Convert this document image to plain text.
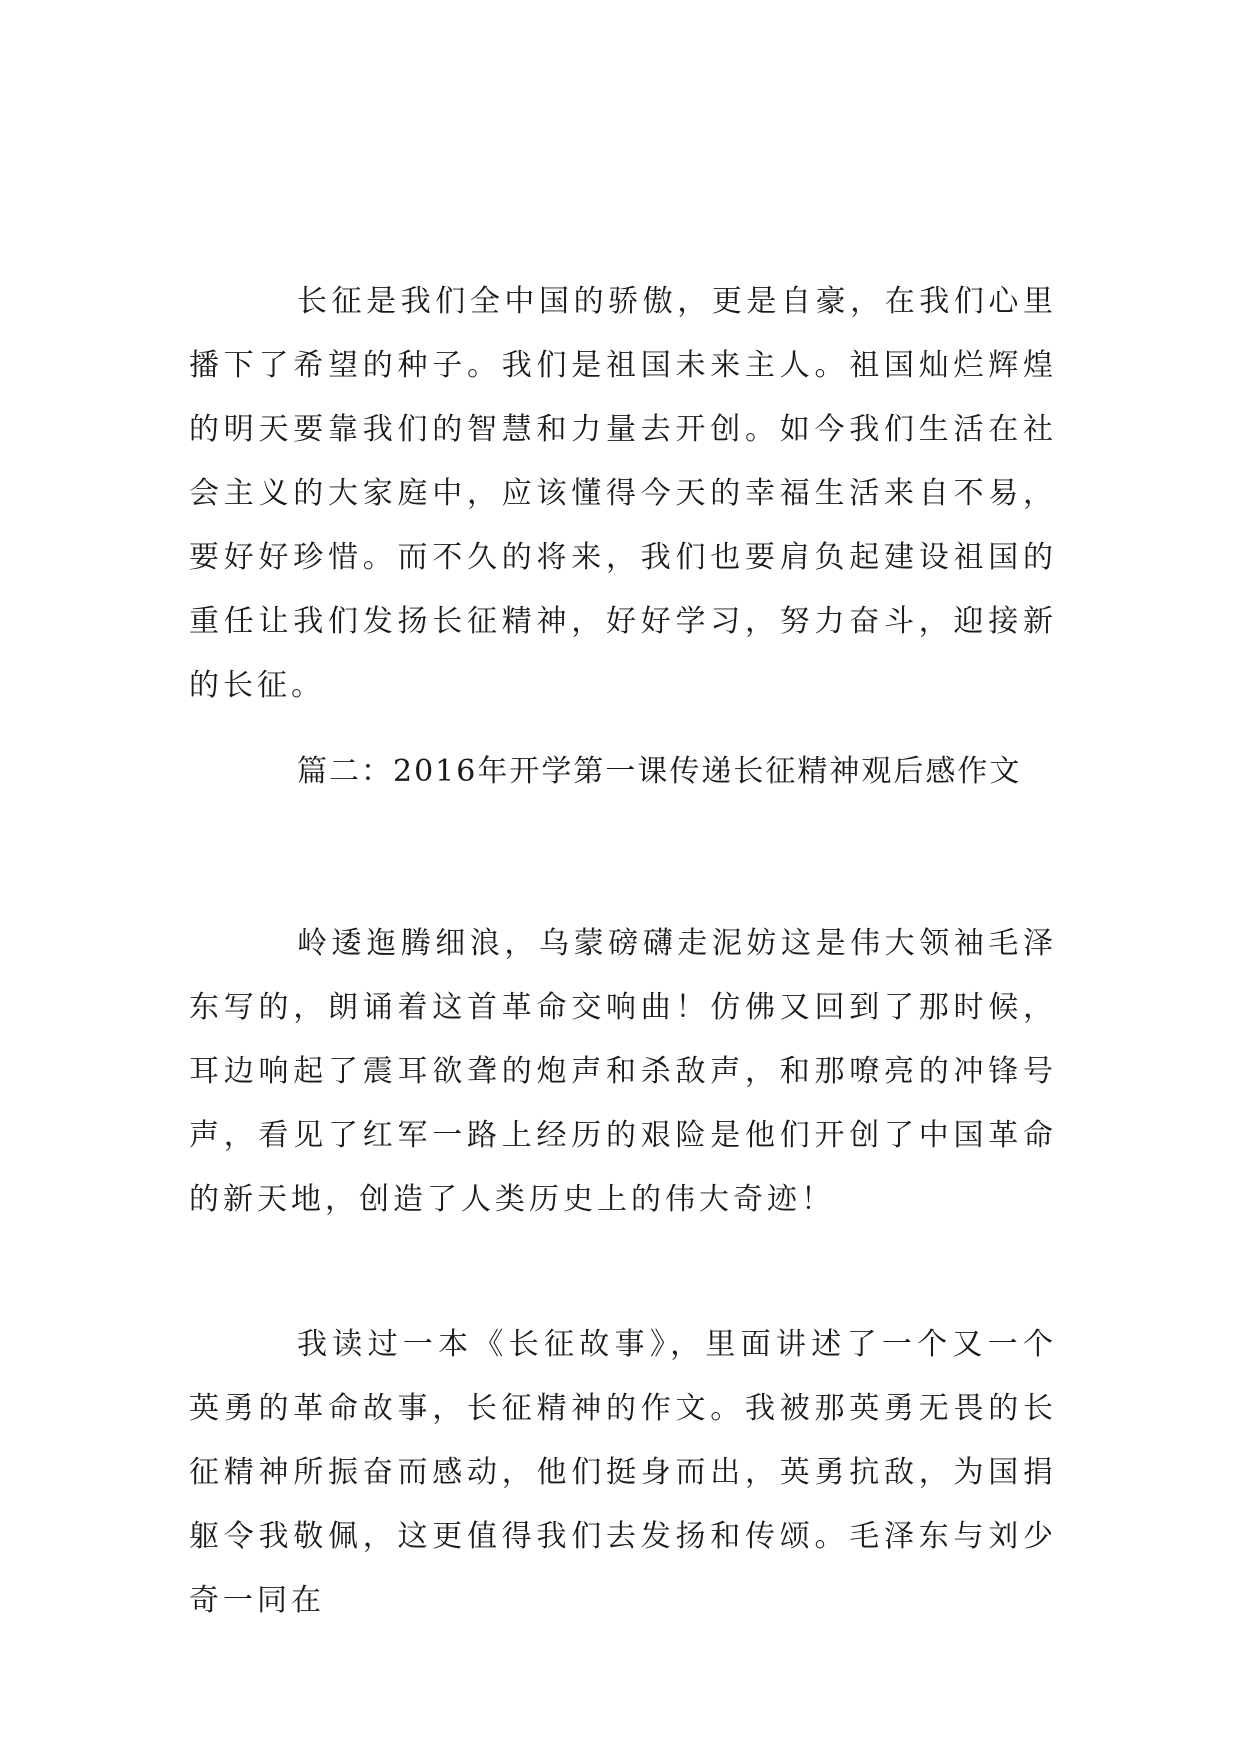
长征是我们全中国的骄傲，更是自豪，在我们心里播下了希望的种子。我们是祖国未来主人。祖国灿烂辉煌的明天要靠我们的智慧和力量去开创。如今我们生活在社会主义的大家庭中，应该懂得今天的幸福生活来自不易，要好好珍惜。而不久的将来，我们也要肩负起建设祖国的重任让我们发扬长征精神，好好学习，努力奋斗，迎接新的长征。

篇二：2016年开学第一课传递长征精神观后感作文

岭逶迤腾细浪，乌蒙磅礴走泥妨这是伟大领袖毛泽东写的，朗诵着这首革命交响曲！仿佛又回到了那时候，耳边响起了震耳欲聋的炮声和杀敌声，和那嘹亮的冲锋号声，看见了红军一路上经历的艰险是他们开创了中国革命的新天地，创造了人类历史上的伟大奇迹！

我读过一本《长征故事》，里面讲述了一个又一个英勇的革命故事，长征精神的作文。我被那英勇无畏的长征精神所振奋而感动，他们挺身而出，英勇抗敌，为国捐躯令我敬佩，这更值得我们去发扬和传颂。毛泽东与刘少奇一同在
